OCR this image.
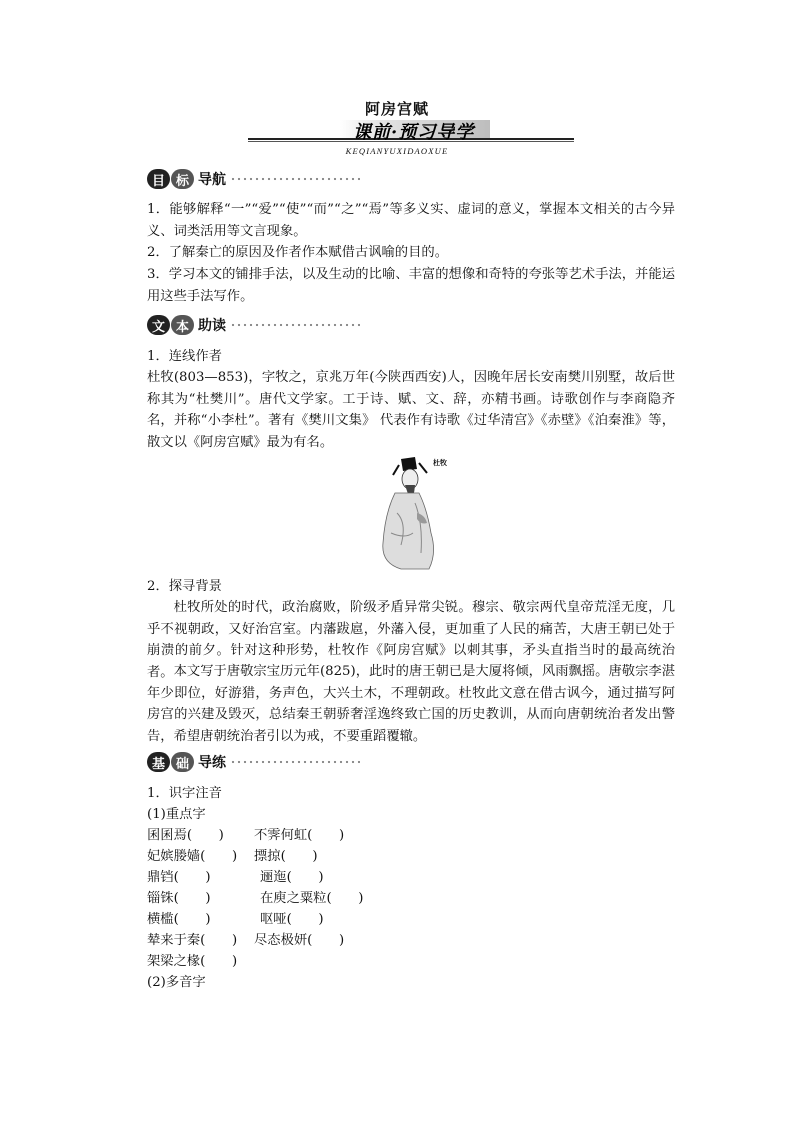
阿房宫赋
课前·预习导学
KEQIANYUXIDAOXUE
目 标 导航
1．能够解释“一”“爱”“使”“而”“之”“焉”等多义实、虚词的意义，掌握本文相关的古今异义、词类活用等文言现象。
2．了解秦亡的原因及作者作本赋借古讽喻的目的。
3．学习本文的铺排手法，以及生动的比喻、丰富的想像和奇特的夸张等艺术手法，并能运用这些手法写作。
文 本 助读
1．连线作者
杜牧(803—853)，字牧之，京兆万年(今陕西西安)人，因晚年居长安南樊川别墅，故后世称其为“杜樊川”。唐代文学家。工于诗、赋、文、辞，亦精书画。诗歌创作与李商隐齐名，并称“小李杜”。著有《樊川文集》 代表作有诗歌《过华清宫》《赤壁》《泊秦淮》等，散文以《阿房宫赋》最为有名。
杜牧
2．探寻背景
杜牧所处的时代，政治腐败，阶级矛盾异常尖锐。穆宗、敬宗两代皇帝荒淫无度，几乎不视朝政，又好治宫室。内藩跋扈，外藩入侵，更加重了人民的痛苦，大唐王朝已处于崩溃的前夕。针对这种形势，杜牧作《阿房宫赋》以刺其事，矛头直指当时的最高统治者。 本文写于唐敬宗宝历元年(825)，此时的唐王朝已是大厦将倾，风雨飘摇。唐敬宗李湛年少即位，好游猎，务声色，大兴土木，不理朝政。杜牧此文意在借古讽今，通过描写阿房宫的兴建及毁灭，总结秦王朝骄奢淫逸终致亡国的历史教训，从而向唐朝统治者发出警告，希望唐朝统治者引以为戒，不要重蹈覆辙。
基 础 导练
1．识字注音
(1)重点字
囷囷焉(　　) 不霁何虹(　　)
妃嫔媵嫱(　　) 摽掠(　　)
鼎铛(　　)	逦迤(　　)
锱铢(　　)	在庾之粟粒(　　)
横槛(　　)	呕哑(　　)
辇来于秦(　　) 尽态极妍(　　)
架梁之椽(　　)
(2)多音字
